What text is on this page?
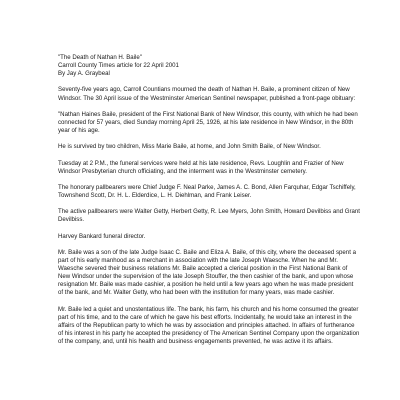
"The Death of Nathan H. Baile"

Carroll County Times article for 22 April 2001

By Jay A. Graybeal

Seventy-five years ago, Carroll Countians mourned the death of Nathan H. Baile, a prominent citizen of New Windsor. The 30 April issue of the Westminster American Sentinel newspaper, published a front-page obituary:

"Nathan Haines Baile, president of the First National Bank of New Windsor, this county, with which he had been connected for 57 years, died Sunday morning April 25, 1926, at his late residence in New Windsor, in the 80th year of his age.

He is survived by two children, Miss Marie Baile, at home, and John Smith Baile, of New Windsor.

Tuesday at 2 P.M., the funeral services were held at his late residence, Revs. Loughlin and Frazier of New Windsor Presbyterian church officiating, and the interment was in the Westminster cemetery.

The honorary pallbearers were Chief Judge F. Neal Parke, James A. C. Bond, Allen Farquhar, Edgar Tschiffely, Townshend Scott, Dr. H. L. Elderdice, L. H. Diehlman, and Frank Leiser.

The active pallbearers were Walter Getty, Herbert Getty, R. Lee Myers, John Smith, Howard Devilbiss and Grant Devilbiss.

Harvey Bankard funeral director.

Mr. Baile was a son of the late Judge Isaac C. Baile and Eliza A. Baile, of this city, where the deceased spent a part of his early manhood as a merchant in association with the late Joseph Waesche. When he and Mr. Waesche severed their business relations Mr. Baile accepted a clerical position in the First National Bank of New Windsor under the supervision of the late Joseph Stouffer, the then cashier of the bank, and upon whose resignation Mr. Baile was made cashier, a position he held until a few years ago when he was made president of the bank, and Mr. Walter Getty, who had been with the institution for many years, was made cashier.

Mr. Baile led a quiet and unostentatious life. The bank, his farm, his church and his home consumed the greater part of his time, and to the care of which he gave his best efforts. Incidentally, he would take an interest in the affairs of the Republican party to which he was by association and principles attached. In affairs of furtherance of his interest in his party he accepted the presidency of The American Sentinel Company upon the organization of the company, and, until his health and business engagements prevented, he was active it its affairs.
